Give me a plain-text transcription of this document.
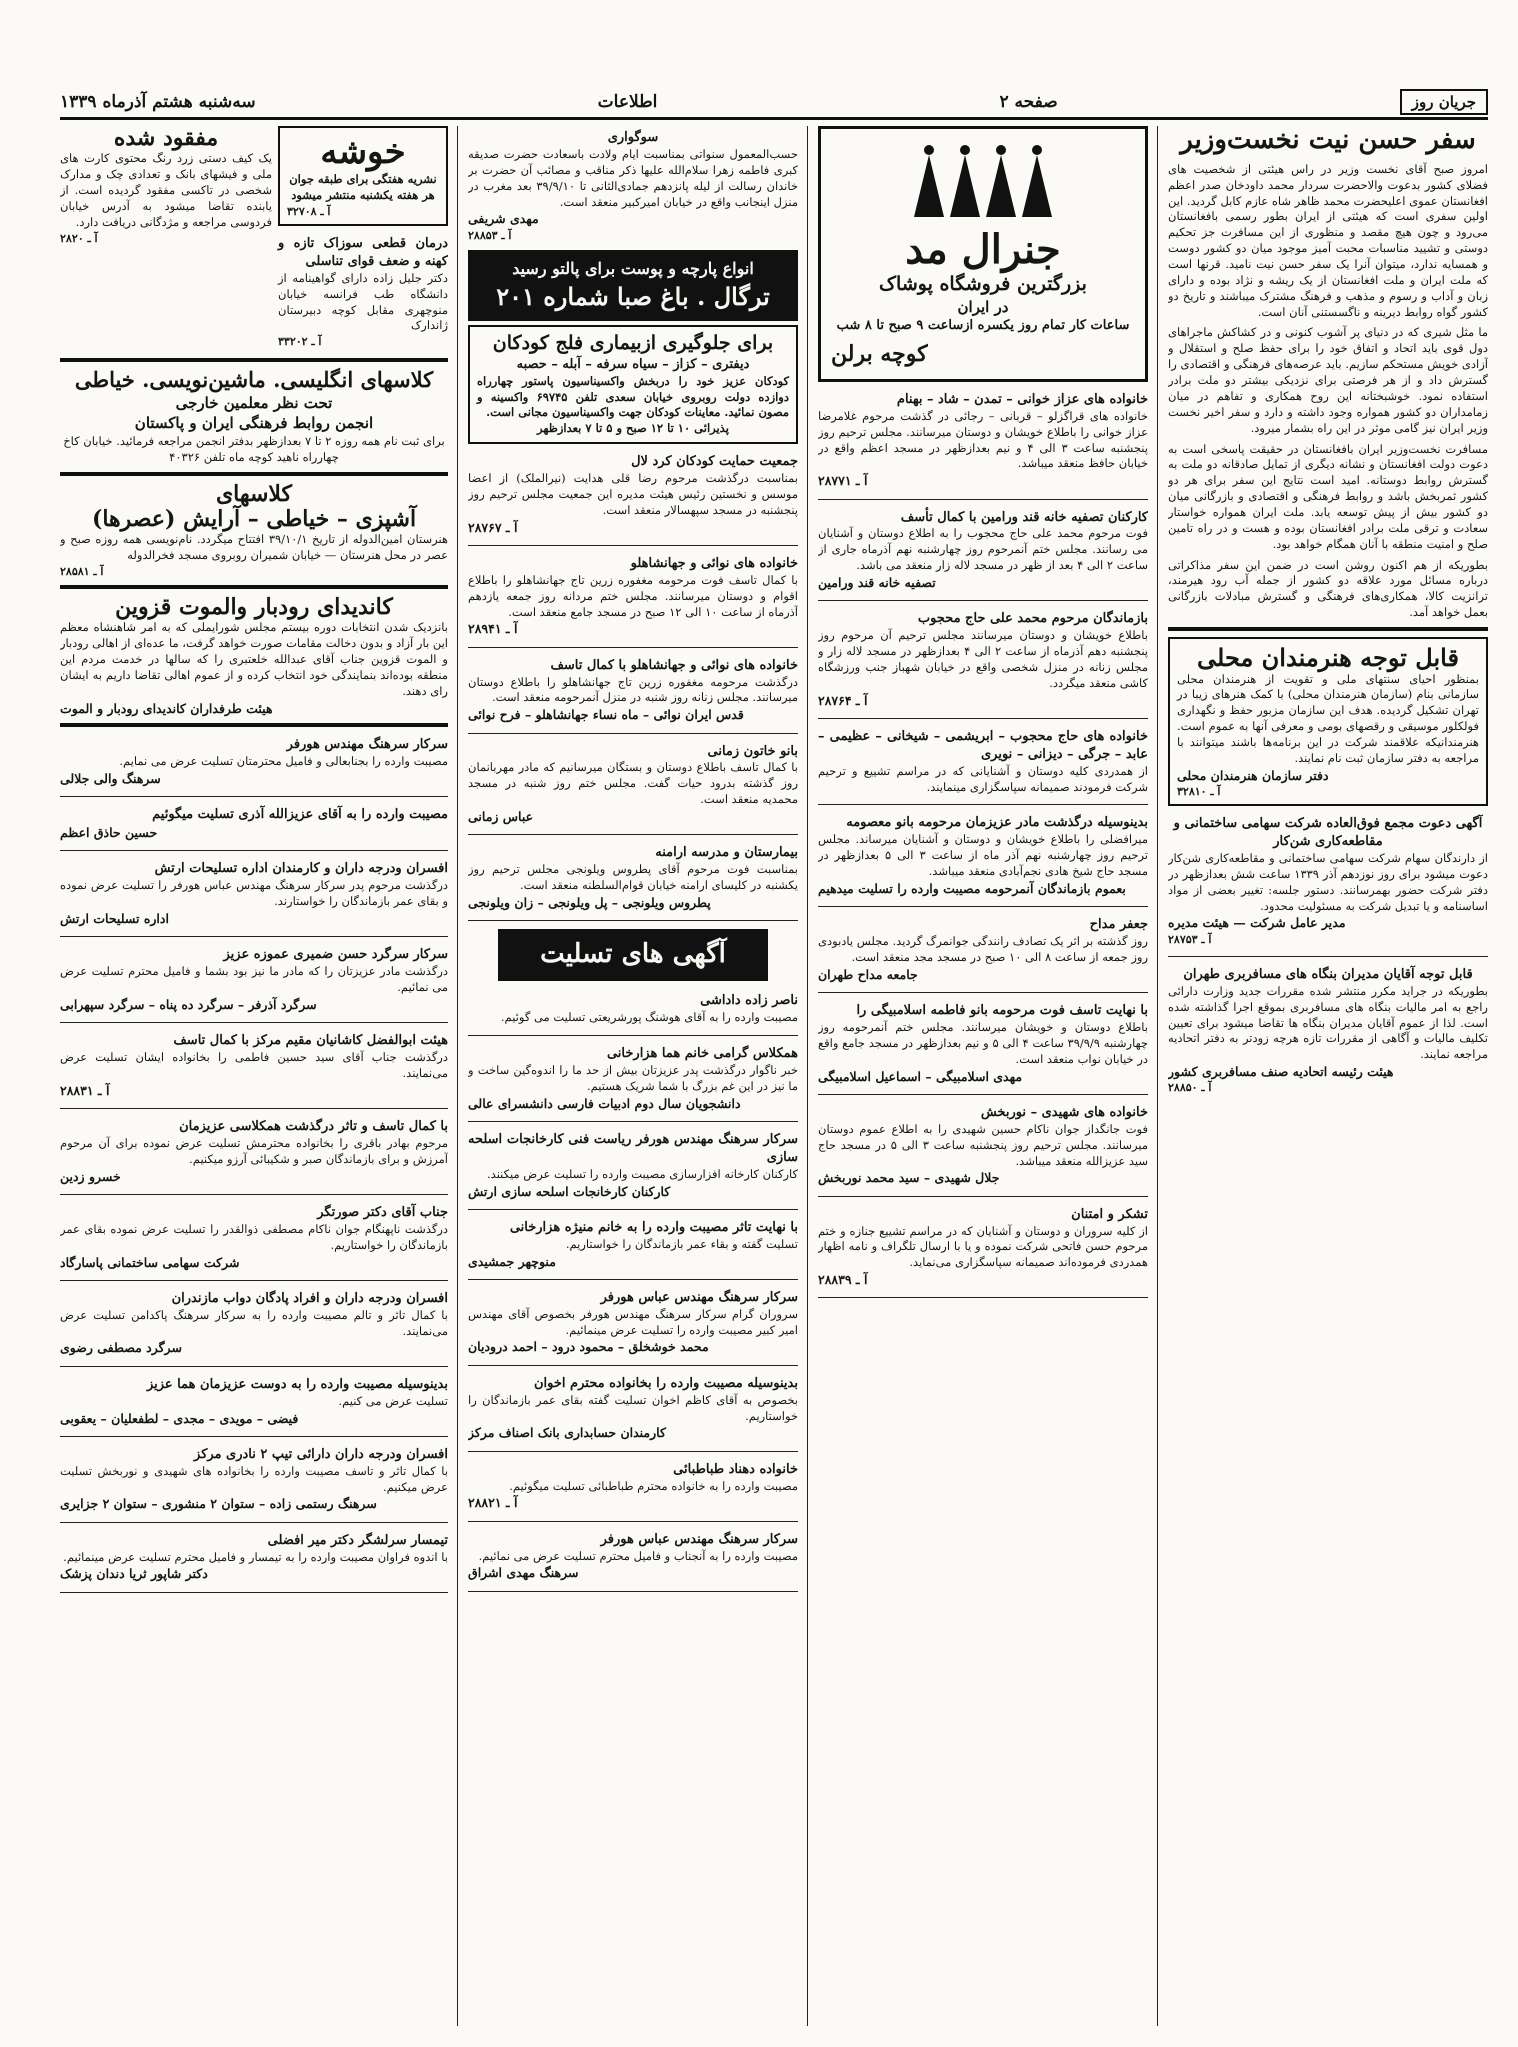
جریان روز
صفحه ۲
اطلاعات
سه‌شنبه هشتم آذرماه ۱۳۳۹
سفر حسن نیت نخست‌وزیر

امروز صبح آقای نخست وزیر در راس هیئتی از شخصیت های فضلای کشور بدعوت والاحضرت سردار محمد داودخان صدر اعظم افغانستان عموی اعلیحضرت محمد ظاهر شاه عازم کابل گردید. این اولین سفری است که هیئتی از ایران بطور رسمی بافغانستان می‌رود و چون هیچ مقصد و منظوری از این مسافرت جز تحکیم دوستی و تشیید مناسبات محبت آمیز موجود میان دو کشور دوست و همسایه ندارد، میتوان آنرا یک سفر حسن نیت نامید. قرنها است که ملت ایران و ملت افغانستان از یک ریشه و نژاد بوده و دارای زبان و آداب و رسوم و مذهب و فرهنگ مشترک میباشند و تاریخ دو کشور گواه روابط دیرینه و ناگسستنی آنان است.

ما مثل شیری که در دنیای پر آشوب کنونی و در کشاکش ماجراهای دول قوی باید اتحاد و اتفاق خود را برای حفظ صلح و استقلال و آزادی خویش مستحکم سازیم. باید عرصه‌های فرهنگی و اقتصادی را گسترش داد و از هر فرصتی برای نزدیکی بیشتر دو ملت برادر استفاده نمود. خوشبختانه این روح همکاری و تفاهم در میان زمامداران دو کشور همواره وجود داشته و دارد و سفر اخیر نخست وزیر ایران نیز گامی موثر در این راه بشمار میرود.

مسافرت نخست‌وزیر ایران بافغانستان در حقیقت پاسخی است به دعوت دولت افغانستان و نشانه دیگری از تمایل صادقانه دو ملت به گسترش روابط دوستانه. امید است نتایج این سفر برای هر دو کشور ثمربخش باشد و روابط فرهنگی و اقتصادی و بازرگانی میان دو کشور بیش از پیش توسعه یابد. ملت ایران همواره خواستار سعادت و ترقی ملت برادر افغانستان بوده و هست و در راه تامین صلح و امنیت منطقه با آنان همگام خواهد بود.

بطوریکه از هم اکنون روشن است در ضمن این سفر مذاکراتی درباره مسائل مورد علاقه دو کشور از جمله آب رود هیرمند، ترانزیت کالا، همکاری‌های فرهنگی و گسترش مبادلات بازرگانی بعمل خواهد آمد.

قابل توجه هنرمندان محلی

بمنظور احیای سنتهای ملی و تقویت از هنرمندان محلی سازمانی بنام (سازمان هنرمندان محلی) با کمک هنرهای زیبا در تهران تشکیل گردیده. هدف این سازمان مزبور حفظ و نگهداری فولکلور موسیقی و رقصهای بومی و معرفی آنها به عموم است. هنرمندانیکه علاقمند شرکت در این برنامه‌ها باشند میتوانند با مراجعه به دفتر سازمان ثبت نام نمایند.

دفتر سازمان هنرمندان محلی
آ ـ ۳۲۸۱۰
آگهی دعوت مجمع فوق‌العاده شرکت سهامی ساختمانی و مقاطعه‌کاری شن‌کار

از دارندگان سهام شرکت سهامی ساختمانی و مقاطعه‌کاری شن‌کار دعوت میشود برای روز نوزدهم آذر ۱۳۳۹ ساعت شش بعدازظهر در دفتر شرکت حضور بهمرسانند. دستور جلسه: تغییر بعضی از مواد اساسنامه و یا تبدیل شرکت به مسئولیت محدود.

مدیر عامل شرکت — هیئت مدیره
آ ـ ۲۸۷۵۳
قابل توجه آقایان مدیران بنگاه های مسافربری طهران

بطوریکه در جراید مکرر منتشر شده مقررات جدید وزارت دارائی راجع به امر مالیات بنگاه های مسافربری بموقع اجرا گذاشته شده است. لذا از عموم آقایان مدیران بنگاه ها تقاضا میشود برای تعیین تکلیف مالیات و آگاهی از مقررات تازه هرچه زودتر به دفتر اتحادیه مراجعه نمایند.

هیئت رئیسه اتحادیه صنف مسافربری کشور
آ ـ ۲۸۸۵۰
جنرال مد
بزرگترین فروشگاه پوشاک
در ایران
ساعات کار تمام روز یکسره ازساعت ۹ صبح تا ۸ شب
کوچه برلن
خانواده های عزاز خوانی – تمدن – شاد – بهنام
خانواده های قراگزلو – قربانی – رجائی در گذشت مرحوم غلامرضا عزاز خوانی را باطلاع خویشان و دوستان میرسانند. مجلس ترحیم روز پنجشنبه ساعت ۳ الی ۴ و نیم بعدازظهر در مسجد اعظم واقع در خیابان حافظ منعقد میباشد.
آ ـ ۲۸۷۷۱
کارکنان تصفیه خانه قند ورامین با کمال تأسف
فوت مرحوم محمد علی حاج محجوب را به اطلاع دوستان و آشنایان می رسانند. مجلس ختم آنمرحوم روز چهارشنبه نهم آذرماه جاری از ساعت ۲ الی ۴ بعد از ظهر در مسجد لاله زار منعقد می باشد.
تصفیه خانه قند ورامین
بازماندگان مرحوم محمد علی حاج محجوب
باطلاع خویشان و دوستان میرسانند مجلس ترحیم آن مرحوم روز پنجشنبه دهم آذرماه از ساعت ۲ الی ۴ بعدازظهر در مسجد لاله زار و مجلس زنانه در منزل شخصی واقع در خیابان شهباز جنب ورزشگاه کاشی منعقد میگردد.
آ ـ ۲۸۷۶۴
خانواده های حاج محجوب – ابریشمی – شیخانی – عظیمی – عابد – جرگی – دیزانی – نویری
از همدردی کلیه دوستان و آشنایانی که در مراسم تشییع و ترحیم شرکت فرمودند صمیمانه سپاسگزاری مینمایند.
بدینوسیله درگذشت مادر عزیزمان مرحومه بانو معصومه
میرافضلی را باطلاع خویشان و دوستان و آشنایان میرساند. مجلس ترحیم روز چهارشنبه نهم آذر ماه از ساعت ۳ الی ۵ بعدازظهر در مسجد حاج شیخ هادی نجم‌آبادی منعقد میباشد.
بعموم بازماندگان آنمرحومه مصیبت وارده را تسلیت میدهیم
جعفر مداح
روز گذشته بر اثر یک تصادف رانندگی جوانمرگ گردید. مجلس یادبودی روز جمعه از ساعت ۸ الی ۱۰ صبح در مسجد مجد منعقد است.
جامعه مداح طهران
با نهایت تاسف فوت مرحومه بانو فاطمه اسلامبیگی را
باطلاع دوستان و خویشان میرسانند. مجلس ختم آنمرحومه روز چهارشنبه ۳۹/۹/۹ ساعت ۴ الی ۵ و نیم بعدازظهر در مسجد جامع واقع در خیابان نواب منعقد است.
مهدی اسلامبیگی – اسماعیل اسلامبیگی
خانواده های شهیدی – نوربخش
فوت جانگداز جوان ناکام حسین شهیدی را به اطلاع عموم دوستان میرسانند. مجلس ترحیم روز پنجشنبه ساعت ۳ الی ۵ در مسجد حاج سید عزیزالله منعقد میباشد.
جلال شهیدی – سید محمد نوربخش
تشکر و امتنان
از کلیه سروران و دوستان و آشنایان که در مراسم تشییع جنازه و ختم مرحوم حسن فاتحی شرکت نموده و یا با ارسال تلگراف و نامه اظهار همدردی فرموده‌اند صمیمانه سپاسگزاری می‌نماید.
آ ـ ۲۸۸۳۹
سوگواری

حسب‌المعمول سنواتی بمناسبت ایام ولادت باسعادت حضرت صدیقه کبری فاطمه زهرا سلام‌الله علیها ذکر مناقب و مصائب آن حضرت بر خاندان رسالت از لیله پانزدهم جمادی‌الثانی تا ۳۹/۹/۱۰ بعد مغرب در منزل اینجانب واقع در خیابان امیرکبیر منعقد است.

مهدی شریفی
آ ـ ۲۸۸۵۳
انواع پارچه و پوست برای پالتو رسید
ترگال . باغ صبا شماره ۲۰۱
برای جلوگیری ازبیماری فلج کودکان
دیفتری – کزاز – سیاه سرفه – آبله – حصبه

کودکان عزیز خود را دربخش واکسیناسیون پاستور چهارراه دوازده دولت روبروی خیابان سعدی تلفن ۶۹۷۴۵ واکسینه و مصون نمائید. معاینات کودکان جهت واکسیناسیون مجانی است.

پذیرائی ۱۰ تا ۱۲ صبح و ۵ تا ۷ بعدازظهر
جمعیت حمایت کودکان کرد لال
بمناسبت درگذشت مرحوم رضا قلی هدایت (نیرالملک) از اعضا موسس و نخستین رئیس هیئت مدیره این جمعیت مجلس ترحیم روز پنجشنبه در مسجد سپهسالار منعقد است.
آ ـ ۲۸۷۶۷
خانواده های نوائی و جهانشاهلو
با کمال تاسف فوت مرحومه مغفوره زرین تاج جهانشاهلو را باطلاع اقوام و دوستان میرسانند. مجلس ختم مردانه روز جمعه یازدهم آذرماه از ساعت ۱۰ الی ۱۲ صبح در مسجد جامع منعقد است.
آ ـ ۲۸۹۴۱
خانواده های نوائی و جهانشاهلو با کمال تاسف
درگذشت مرحومه مغفوره زرین تاج جهانشاهلو را باطلاع دوستان میرسانند. مجلس زنانه روز شنبه در منزل آنمرحومه منعقد است.
قدس ایران نوائی – ماه نساء جهانشاهلو – فرح نوائی
بانو خاتون زمانی
با کمال تاسف باطلاع دوستان و بستگان میرسانیم که مادر مهربانمان روز گذشته بدرود حیات گفت. مجلس ختم روز شنبه در مسجد محمدیه منعقد است.
عباس زمانی
بیمارستان و مدرسه ارامنه
بمناسبت فوت مرحوم آقای پطروس ویلونجی مجلس ترحیم روز یکشنبه در کلیسای ارامنه خیابان قوام‌السلطنه منعقد است.
پطروس ویلونجی – پل ویلونجی – زان ویلونجی
آگهی های تسلیت
ناصر زاده داداشی
مصیبت وارده را به آقای هوشنگ پورشریعتی تسلیت می گوئیم.
همکلاس گرامی خانم هما هزارخانی
خبر ناگوار درگذشت پدر عزیزتان بیش از حد ما را اندوه‌گین ساخت و ما نیز در این غم بزرگ با شما شریک هستیم.
دانشجویان سال دوم ادبیات فارسی دانشسرای عالی
سرکار سرهنگ مهندس هورفر ریاست فنی کارخانجات اسلحه سازی
کارکنان کارخانه افزارسازی مصیبت وارده را تسلیت عرض میکنند.
کارکنان کارخانجات اسلحه سازی ارتش
با نهایت تاثر مصیبت وارده را به خانم منیژه هزارخانی
تسلیت گفته و بقاء عمر بازماندگان را خواستاریم.
منوچهر جمشیدی
سرکار سرهنگ مهندس عباس هورفر
سروران گرام سرکار سرهنگ مهندس هورفر بخصوص آقای مهندس امیر کبیر مصیبت وارده را تسلیت عرض مینمائیم.
محمد خوشخلق – محمود درود – احمد درودیان
بدینوسیله مصیبت وارده را بخانواده محترم اخوان
بخصوص به آقای کاظم اخوان تسلیت گفته بقای عمر بازماندگان را خواستاریم.
کارمندان حسابداری بانک اصناف مرکز
خانواده دهناد طباطبائی
مصیبت وارده را به خانواده محترم طباطبائی تسلیت میگوئیم.
آ ـ ۲۸۸۲۱
سرکار سرهنگ مهندس عباس هورفر
مصیبت وارده را به آنجناب و فامیل محترم تسلیت عرض می نمائیم.
سرهنگ مهدی اشراق
خوشه
نشریه هفتگی برای طبقه جوان هر هفته یکشنبه منتشر میشود
آ ـ ۳۲۷۰۸
درمان قطعی سوزاک تازه و کهنه و ضعف قوای تناسلی

دکتر جلیل زاده دارای گواهینامه از دانشگاه طب فرانسه خیابان منوچهری مقابل کوچه دبیرستان ژاندارک

آ ـ ۳۳۲۰۲
مفقود شده

یک کیف دستی زرد رنگ محتوی کارت های ملی و فیشهای بانک و تعدادی چک و مدارک شخصی در تاکسی مفقود گردیده است. از یابنده تقاضا میشود به آدرس خیابان فردوسی مراجعه و مژدگانی دریافت دارد.

آ ـ ۲۸۲۰
کلاسهای انگلیسی. ماشین‌نویسی. خیاطی
تحت نظر معلمین خارجی
انجمن روابط فرهنگی ایران و پاکستان

برای ثبت نام همه روزه ۲ تا ۷ بعدازظهر بدفتر انجمن مراجعه فرمائید. خیابان کاخ چهارراه ناهید کوچه ماه تلفن ۴۰۳۲۶

کلاسهای
آشپزی – خیاطی – آرایش (عصرها)

هنرستان امین‌الدوله از تاریخ ۳۹/۱۰/۱ افتتاح میگردد. نام‌نویسی همه روزه صبح و عصر در محل هنرستان — خیابان شمیران روبروی مسجد فخرالدوله

آ ـ ۲۸۵۸۱
کاندیدای رودبار والموت قزوین

بانزدیک شدن انتخابات دوره بیستم مجلس شورایملی که به امر شاهنشاه معظم این بار آزاد و بدون دخالت مقامات صورت خواهد گرفت، ما عده‌ای از اهالی رودبار و الموت قزوین جناب آقای عبدالله خلعتبری را که سالها در خدمت مردم این منطقه بوده‌اند بنمایندگی خود انتخاب کرده و از عموم اهالی تقاضا داریم به ایشان رای دهند.

هیئت طرفداران کاندیدای رودبار و الموت
سرکار سرهنگ مهندس هورفر
مصیبت وارده را بجنابعالی و فامیل محترمتان تسلیت عرض می نمایم.
سرهنگ والی جلالی
مصیبت وارده را به آقای عزیزالله آذری تسلیت میگوئیم
حسین حاذق اعظم
افسران ودرجه داران و کارمندان اداره تسلیحات ارتش
درگذشت مرحوم پدر سرکار سرهنگ مهندس عباس هورفر را تسلیت عرض نموده و بقای عمر بازماندگان را خواستارند.
اداره تسلیحات ارتش
سرکار سرگرد حسن ضمیری عموزه عزیز
درگذشت مادر عزیزتان را که مادر ما نیز بود بشما و فامیل محترم تسلیت عرض می نمائیم.
سرگرد آذرفر – سرگرد ده پناه – سرگرد سپهرابی
هیئت ابوالفضل کاشانیان مقیم مرکز با کمال تاسف
درگذشت جناب آقای سید حسین فاطمی را بخانواده ایشان تسلیت عرض می‌نمایند.
آ ـ ۲۸۸۳۱
با کمال تاسف و تاثر درگذشت همکلاسی عزیزمان
مرحوم بهادر باقری را بخانواده محترمش تسلیت عرض نموده برای آن مرحوم آمرزش و برای بازماندگان صبر و شکیبائی آرزو میکنیم.
خسرو زدین
جناب آقای دکتر صورتگر
درگذشت ناپهنگام جوان ناکام مصطفی ذوالقدر را تسلیت عرض نموده بقای عمر بازماندگان را خواستاریم.
شرکت سهامی ساختمانی پاسارگاد
افسران ودرجه داران و افراد پادگان دواب مازندران
با کمال تاثر و تالم مصیبت وارده را به سرکار سرهنگ پاکدامن تسلیت عرض می‌نمایند.
سرگرد مصطفی رضوی
بدینوسیله مصیبت وارده را به دوست عزیزمان هما عزیز
تسلیت عرض می کنیم.
فیضی – مویدی – مجدی – لطفعلیان – یعقوبی
افسران ودرجه داران دارائی تیپ ۲ نادری مرکز
با کمال تاثر و تاسف مصیبت وارده را بخانواده های شهیدی و نوربخش تسلیت عرض میکنیم.
سرهنگ رستمی زاده – ستوان ۲ منشوری – ستوان ۲ جزایری
تیمسار سرلشگر دکتر میر افضلی
با اندوه فراوان مصیبت وارده را به تیمسار و فامیل محترم تسلیت عرض مینمائیم.
دکتر شاپور ثریا دندان پزشک
